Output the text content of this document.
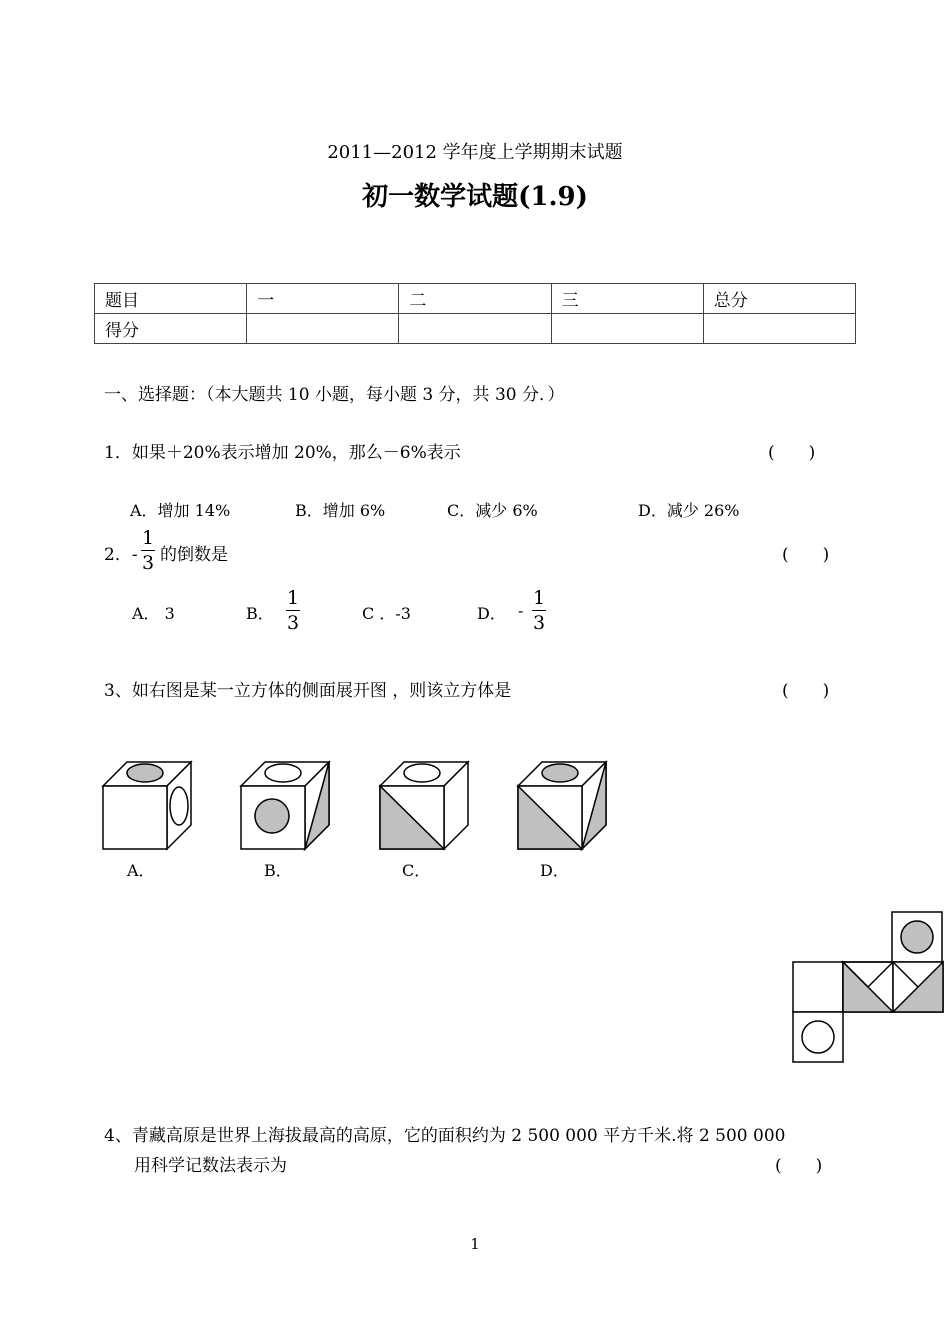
2011—2012 学年度上学期期末试题
初一数学试题(1.9)
题目	一	二	三	总分
得分				
一、选择题：（本大题共 10 小题，每小题 3 分，共 30 分．）
1．如果＋20%表示增加 20%，那么－6%表示	(　　)
A．增加 14%	B．增加 6%	C．减少 6%	D．减少 26%
2．-
1
3 的倒数是	(　　)
A． 3	B．
1
3	C ．-3	D． -
1
3
3、如右图是某一立方体的侧面展开图 ，则该立方体是	(　　)
A．	B．	C．	D．
4、青藏高原是世界上海拔最高的高原，它的面积约为 2 500 000 平方千米.将 2 500 000
用科学记数法表示为	(　　)
1
